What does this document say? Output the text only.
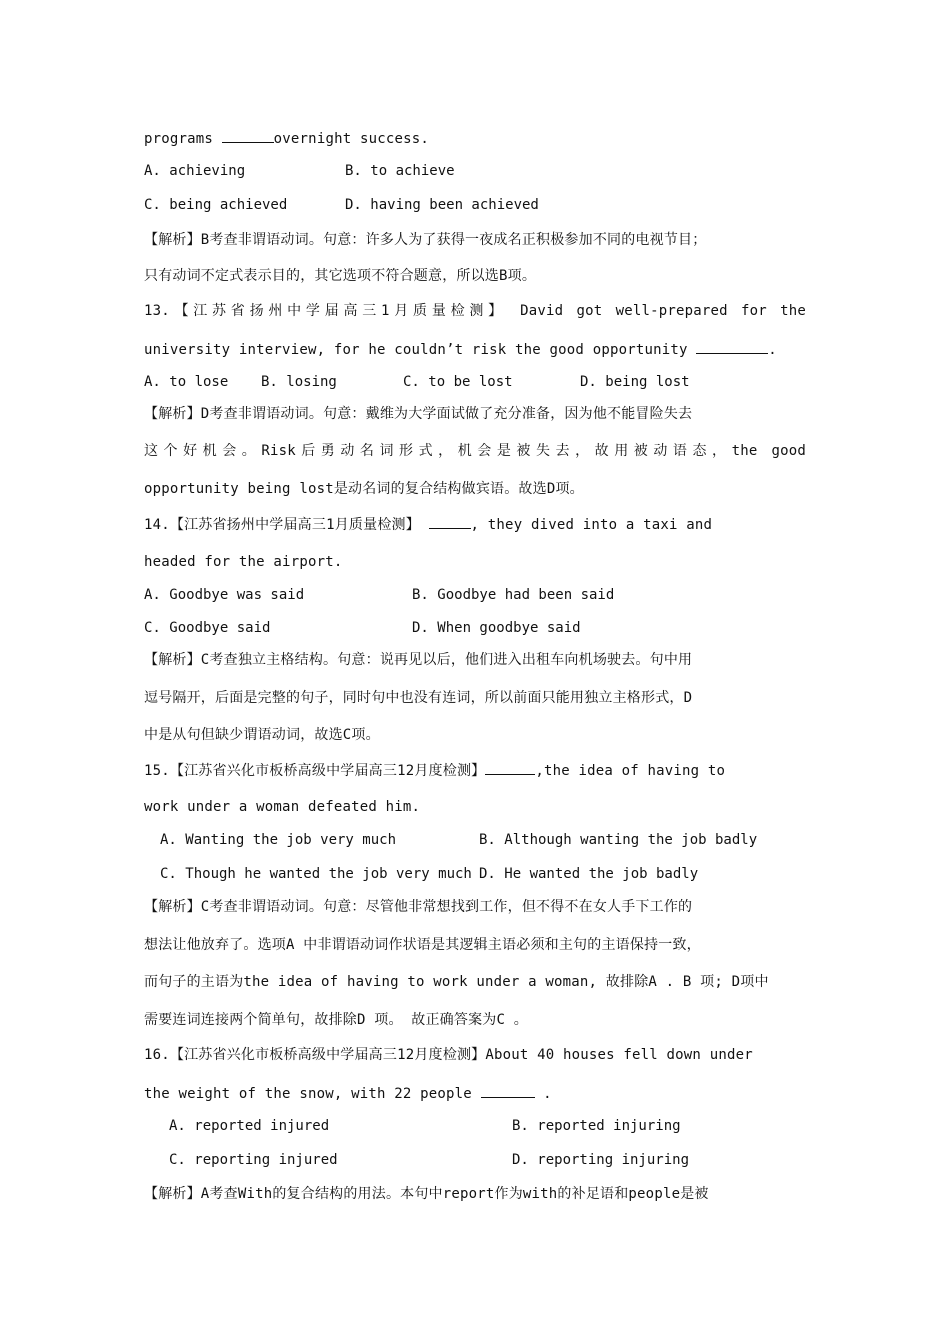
programs	overnight success.
A. achieving	B. to achieve
C. being achieved	D. having been achieved
【解析】B考查非谓语动词。句意：许多人为了获得一夜成名正积极参加不同的电视节目；
只有动词不定式表示目的，其它选项不符合题意，所以选B项。
13.【江苏省扬州中学届高三1月质量检测】 David got well-prepared for the
university interview, for he couldn’t risk the good opportunity	.
A. to lose B. losing	C. to be lost	D. being lost
【解析】D考查非谓语动词。句意：戴维为大学面试做了充分准备，因为他不能冒险失去
这个好机会。Risk后勇动名词形式，机会是被失去，故用被动语态，the good
opportunity being lost是动名词的复合结构做宾语。故选D项。
14.【江苏省扬州中学届高三1月质量检测】	, they dived into a taxi and
headed for the airport.
A. Goodbye was said	B. Goodbye had been said
C. Goodbye said	D. When goodbye said
【解析】C考查独立主格结构。句意：说再见以后，他们进入出租车向机场驶去。句中用
逗号隔开，后面是完整的句子，同时句中也没有连词，所以前面只能用独立主格形式，D
中是从句但缺少谓语动词，故选C项。
15.【江苏省兴化市板桥高级中学届高三12月度检测】	,the idea of having to
work under a woman defeated him.
A. Wanting the job very much	B. Although wanting the job badly
C. Though he wanted the job very much D. He wanted the job badly
【解析】C考查非谓语动词。句意：尽管他非常想找到工作，但不得不在女人手下工作的
想法让他放弃了。选项A 中非谓语动词作状语是其逻辑主语必须和主句的主语保持一致，
而句子的主语为the idea of having to work under a woman, 故排除A . B 项; D项中
需要连词连接两个简单句，故排除D 项。 故正确答案为C 。
16.【江苏省兴化市板桥高级中学届高三12月度检测】About 40 houses fell down under
the weight of the snow, with 22 people	.
A. reported injured	B. reported injuring
C. reporting injured	D. reporting injuring
【解析】A考查With的复合结构的用法。本句中report作为with的补足语和people是被
